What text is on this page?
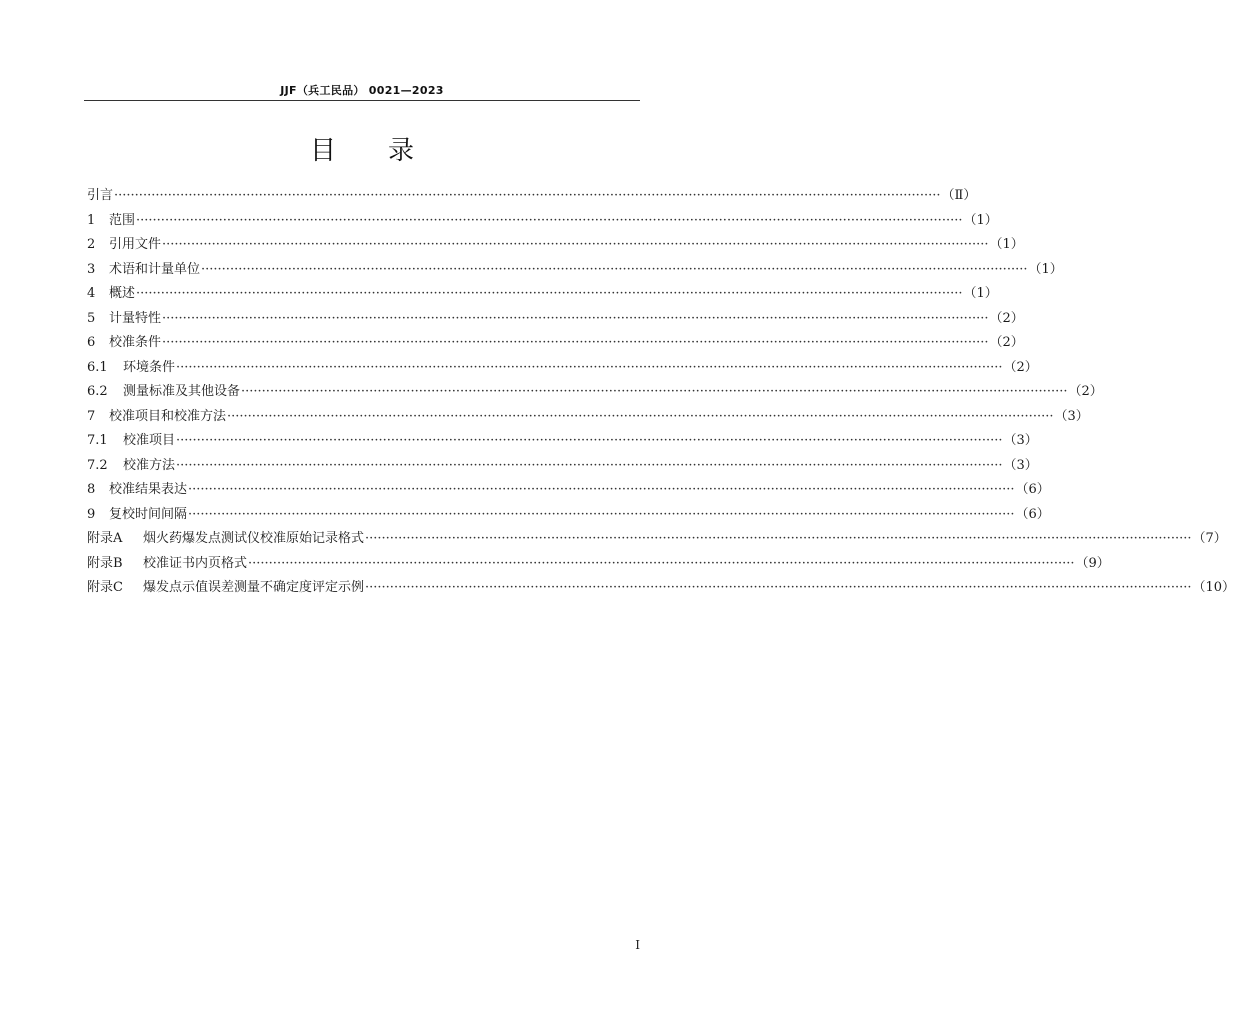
JJF（兵工民品） 0021—2023
目 录
引言 ········································································································································································································ （Ⅱ）
1	范围 ········································································································································································································ （1）
2	引用文件 ········································································································································································································ （1）
3	术语和计量单位 ········································································································································································································ （1）
4	概述 ········································································································································································································ （1）
5	计量特性 ········································································································································································································ （2）
6	校准条件 ········································································································································································································ （2）
6.1	环境条件 ········································································································································································································ （2）
6.2	测量标准及其他设备 ········································································································································································································ （2）
7	校准项目和校准方法 ········································································································································································································ （3）
7.1	校准项目 ········································································································································································································ （3）
7.2	校准方法 ········································································································································································································ （3）
8	校准结果表达 ········································································································································································································ （6）
9	复校时间间隔 ········································································································································································································ （6）
附录A	烟火药爆发点测试仪校准原始记录格式 ········································································································································································································ （7）
附录B	校准证书内页格式 ········································································································································································································ （9）
附录C	爆发点示值误差测量不确定度评定示例 ········································································································································································································ （10）
Ⅰ
